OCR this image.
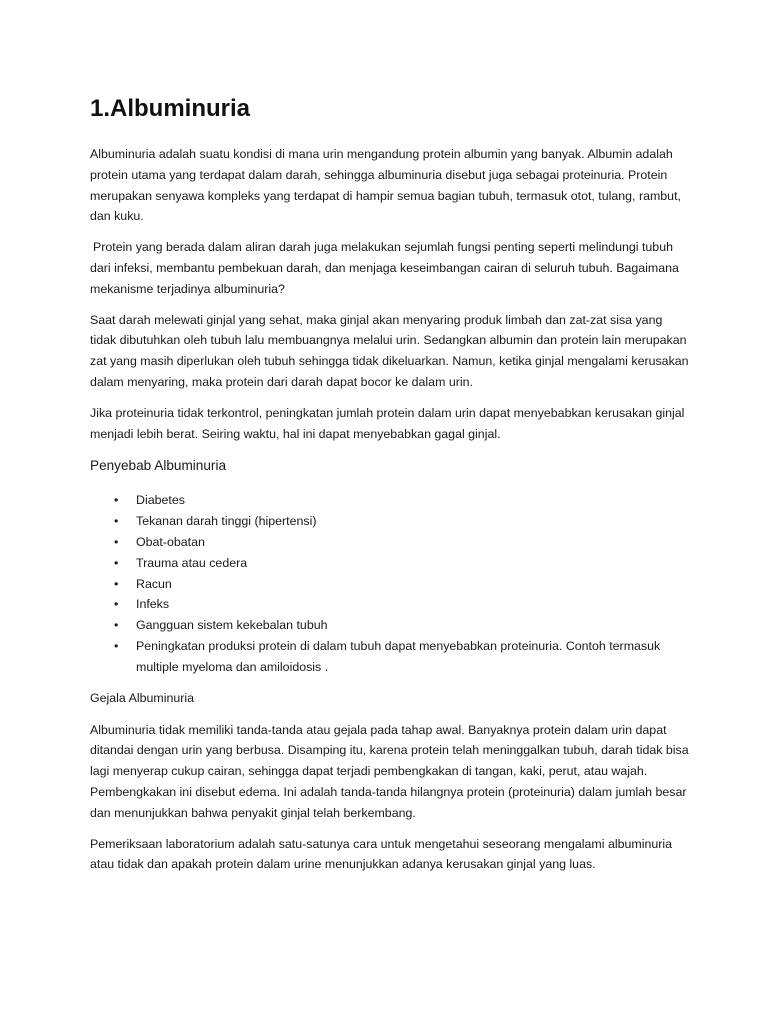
1.Albuminuria

Albuminuria adalah suatu kondisi di mana urin mengandung protein albumin yang banyak. Albumin adalah protein utama yang terdapat dalam darah, sehingga albuminuria disebut juga sebagai proteinuria. Protein merupakan senyawa kompleks yang terdapat di hampir semua bagian tubuh, termasuk otot, tulang, rambut, dan kuku.

Protein yang berada dalam aliran darah juga melakukan sejumlah fungsi penting seperti melindungi tubuh dari infeksi, membantu pembekuan darah, dan menjaga keseimbangan cairan di seluruh tubuh. Bagaimana mekanisme terjadinya albuminuria?

Saat darah melewati ginjal yang sehat, maka ginjal akan menyaring produk limbah dan zat-zat sisa yang tidak dibutuhkan oleh tubuh lalu membuangnya melalui urin. Sedangkan albumin dan protein lain merupakan zat yang masih diperlukan oleh tubuh sehingga tidak dikeluarkan. Namun, ketika ginjal mengalami kerusakan dalam menyaring, maka protein dari darah dapat bocor ke dalam urin.

Jika proteinuria tidak terkontrol, peningkatan jumlah protein dalam urin dapat menyebabkan kerusakan ginjal menjadi lebih berat. Seiring waktu, hal ini dapat menyebabkan gagal ginjal.

Penyebab Albuminuria
• Diabetes
• Tekanan darah tinggi (hipertensi)
• Obat-obatan
• Trauma atau cedera
• Racun
• Infeks
• Gangguan sistem kekebalan tubuh
• Peningkatan produksi protein di dalam tubuh dapat menyebabkan proteinuria. Contoh termasuk multiple myeloma dan amiloidosis .
Gejala Albuminuria

Albuminuria tidak memiliki tanda-tanda atau gejala pada tahap awal. Banyaknya protein dalam urin dapat ditandai dengan urin yang berbusa. Disamping itu, karena protein telah meninggalkan tubuh, darah tidak bisa lagi menyerap cukup cairan, sehingga dapat terjadi pembengkakan di tangan, kaki, perut, atau wajah. Pembengkakan ini disebut edema. Ini adalah tanda-tanda hilangnya protein (proteinuria) dalam jumlah besar dan menunjukkan bahwa penyakit ginjal telah berkembang.

Pemeriksaan laboratorium adalah satu-satunya cara untuk mengetahui seseorang mengalami albuminuria atau tidak dan apakah protein dalam urine menunjukkan adanya kerusakan ginjal yang luas.
